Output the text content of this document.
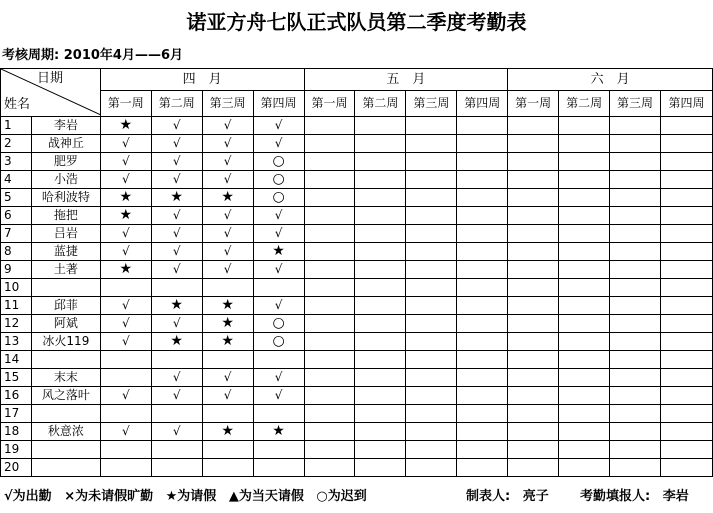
诺亚方舟七队正式队员第二季度考勤表
考核周期: 2010年4月——6月
日期
姓名		四　月				五　月				六　月			
		第一周	第二周	第三周	第四周	第一周	第二周	第三周	第四周	第一周	第二周	第三周	第四周
1	李岩	★	√	√	√								
2	战神丘	√	√	√	√								
3	肥罗	√	√	√	○								
4	小浩	√	√	√	○								
5	哈利波特	★	★	★	○								
6	拖把	★	√	√	√								
7	吕岩	√	√	√	√								
8	蓝捷	√	√	√	★								
9	土著	★	√	√	√								
10													
11	邱菲	√	★	★	√								
12	阿斌	√	√	★	○								
13	冰火119	√	★	★	○								
14													
15	末末		√	√	√								
16	风之落叶	√	√	√	√								
17													
18	秋意浓	√	√	★	★								
19													
20													
√为出勤 ×为未请假旷勤 ★为请假 ▲为当天请假 ○为迟到	制表人: 亮子	考勤填报人: 李岩
